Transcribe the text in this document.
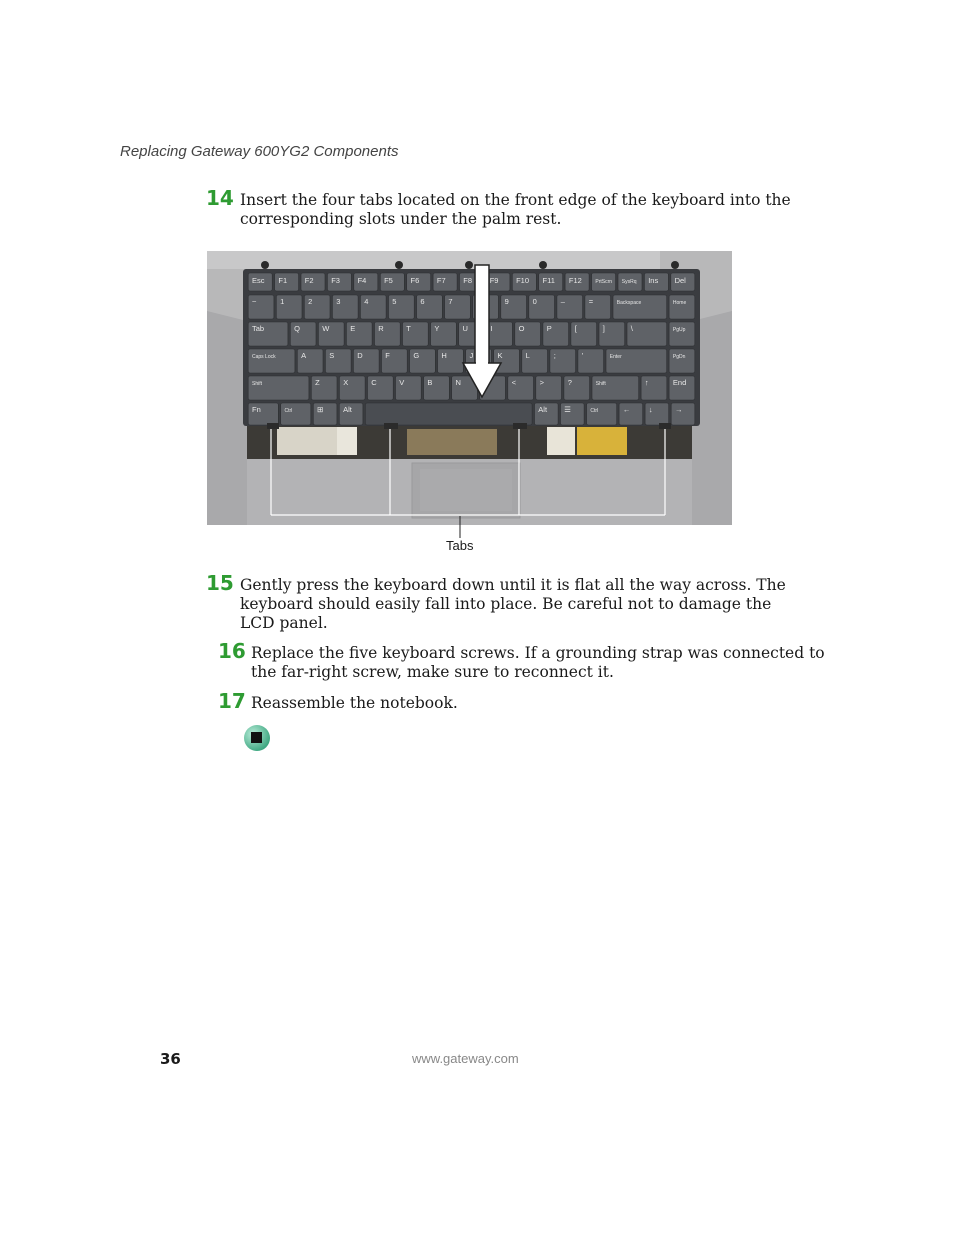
Replacing Gateway 600YG2 Components
14 Insert the four tabs located on the front edge of the keyboard into the
corresponding slots under the palm rest.
Esc F1 F2 F3 F4 F5 F6 F7 F8 F9 F10 F11 F12	PrtScrn SysRq Ins Del
~	1	2	3	4	5	6	7	9	0	–	=	Backspace	Home
Tab	Q	W	E	R	T	Y	U	I	O	P	[	]	\	PgUp
Caps Lock	A	S	D	F	G	H	J	K	L	;	'	Enter	PgDn
Shift	Z	X	C	V	B	N	<	>	?	Shift	↑	End
Fn	Ctrl	⊞	Alt	Alt ☰	Ctrl	← ↓	→
Tabs
15 Gently press the keyboard down until it is flat all the way across. The
keyboard should easily fall into place. Be careful not to damage the
LCD panel.
16 Replace the five keyboard screws. If a grounding strap was connected to
the far-right screw, make sure to reconnect it.
17 Reassemble the notebook.
36	www.gateway.com
